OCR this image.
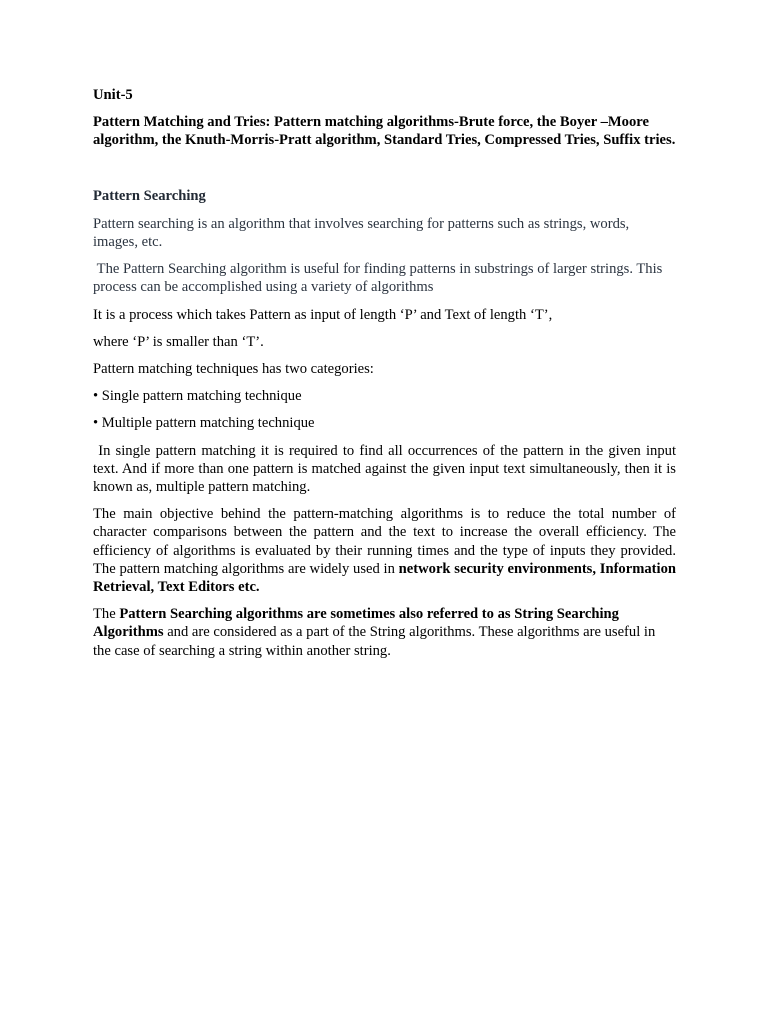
Unit-5

Pattern Matching and Tries: Pattern matching algorithms-Brute force, the Boyer –Moore algorithm, the Knuth-Morris-Pratt algorithm, Standard Tries, Compressed Tries, Suffix tries.

Pattern Searching

Pattern searching is an algorithm that involves searching for patterns such as strings, words, images, etc.

The Pattern Searching algorithm is useful for finding patterns in substrings of larger strings. This process can be accomplished using a variety of algorithms

It is a process which takes Pattern as input of length ‘P’ and Text of length ‘T’,

where ‘P’ is smaller than ‘T’.

Pattern matching techniques has two categories:

• Single pattern matching technique

• Multiple pattern matching technique

In single pattern matching it is required to find all occurrences of the pattern in the given input text. And if more than one pattern is matched against the given input text simultaneously, then it is known as, multiple pattern matching.

The main objective behind the pattern-matching algorithms is to reduce the total number of character comparisons between the pattern and the text to increase the overall efficiency. The efficiency of algorithms is evaluated by their running times and the type of inputs they provided. The pattern matching algorithms are widely used in network security environments, Information Retrieval, Text Editors etc.

The Pattern Searching algorithms are sometimes also referred to as String Searching Algorithms and are considered as a part of the String algorithms. These algorithms are useful in the case of searching a string within another string.
